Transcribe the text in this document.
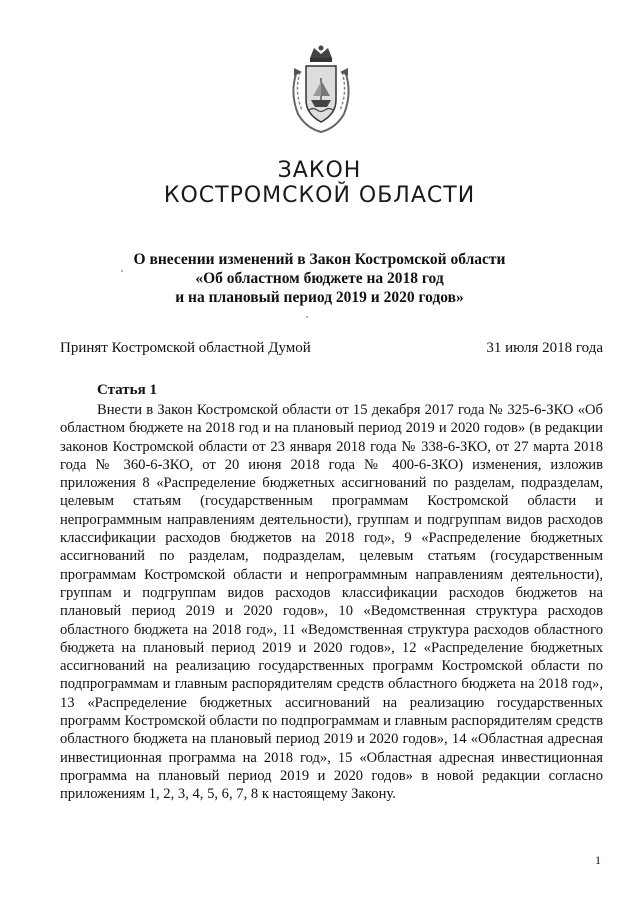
ЗАКОН
КОСТРОМСКОЙ ОБЛАСТИ
О внесении изменений в Закон Костромской области
«Об областном бюджете на 2018 год
и на плановый период 2019 и 2020 годов»
Принят Костромской областной Думой	31 июля 2018 года
Статья 1

Внести в Закон Костромской области от 15 декабря 2017 года № 325-6-ЗКО «Об областном бюджете на 2018 год и на плановый период 2019 и 2020 годов» (в редакции законов Костромской области от 23 января 2018 года № 338-6-ЗКО, от 27 марта 2018 года № 360-6-ЗКО, от 20 июня 2018 года № 400-6-ЗКО) изменения, изложив приложения 8 «Распределение бюджетных ассигнований по разделам, подразделам, целевым статьям (государственным программам Костромской области и непрограммным направлениям деятельности), группам и подгруппам видов расходов классификации расходов бюджетов на 2018 год», 9 «Распределение бюджетных ассигнований по разделам, подразделам, целевым статьям (государственным программам Костромской области и непрограммным направлениям деятельности), группам и подгруппам видов расходов классификации расходов бюджетов на плановый период 2019 и 2020 годов», 10 «Ведомственная структура расходов областного бюджета на 2018 год», 11 «Ведомственная структура расходов областного бюджета на плановый период 2019 и 2020 годов», 12 «Распределение бюджетных ассигнований на реализацию государственных программ Костромской области по подпрограммам и главным распорядителям средств областного бюджета на 2018 год», 13 «Распределение бюджетных ассигнований на реализацию государственных программ Костромской области по подпрограммам и главным распорядителям средств областного бюджета на плановый период 2019 и 2020 годов», 14 «Областная адресная инвестиционная программа на 2018 год», 15 «Областная адресная инвестиционная программа на плановый период 2019 и 2020 годов» в новой редакции согласно приложениям 1, 2, 3, 4, 5, 6, 7, 8 к настоящему Закону.

1
